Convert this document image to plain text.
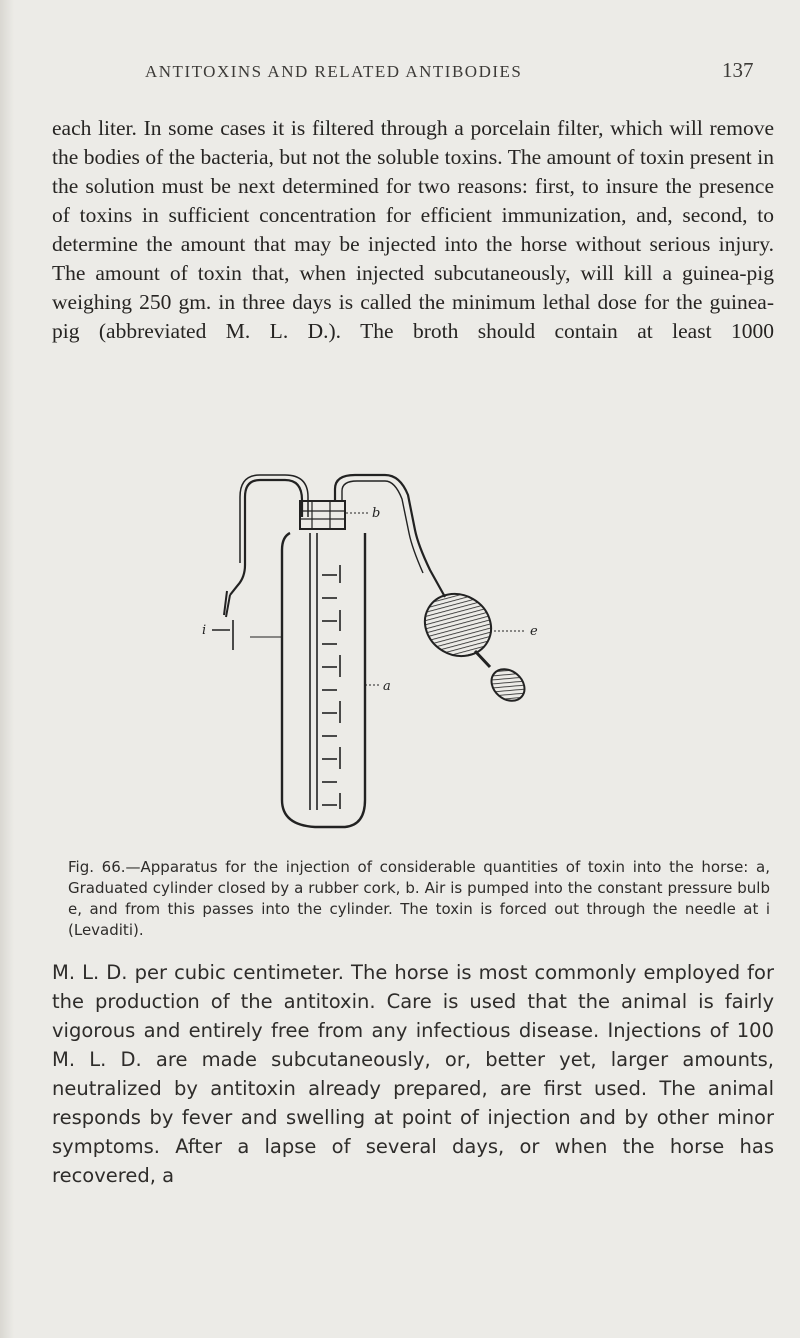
ANTITOXINS AND RELATED ANTIBODIES	137

each liter. In some cases it is filtered through a porcelain filter, which will remove the bodies of the bacteria, but not the soluble toxins. The amount of toxin present in the solution must be next determined for two reasons: first, to insure the presence of toxins in sufficient concentration for efficient immunization, and, second, to determine the amount that may be injected into the horse without serious injury. The amount of toxin that, when injected subcutaneously, will kill a guinea-pig weighing 250 gm. in three days is called the minimum lethal dose for the guinea-pig (abbreviated M. L. D.). The broth should contain at least 1000

b
e
a
i

Fig. 66.—Apparatus for the injection of considerable quantities of toxin into the horse: a, Graduated cylinder closed by a rubber cork, b. Air is pumped into the constant pressure bulb e, and from this passes into the cylinder. The toxin is forced out through the needle at i (Levaditi).

M. L. D. per cubic centimeter. The horse is most commonly employed for the production of the antitoxin. Care is used that the animal is fairly vigorous and entirely free from any infectious disease. Injections of 100 M. L. D. are made subcutaneously, or, better yet, larger amounts, neutralized by antitoxin already prepared, are first used. The animal responds by fever and swelling at point of injection and by other minor symptoms. After a lapse of several days, or when the horse has recovered, a
